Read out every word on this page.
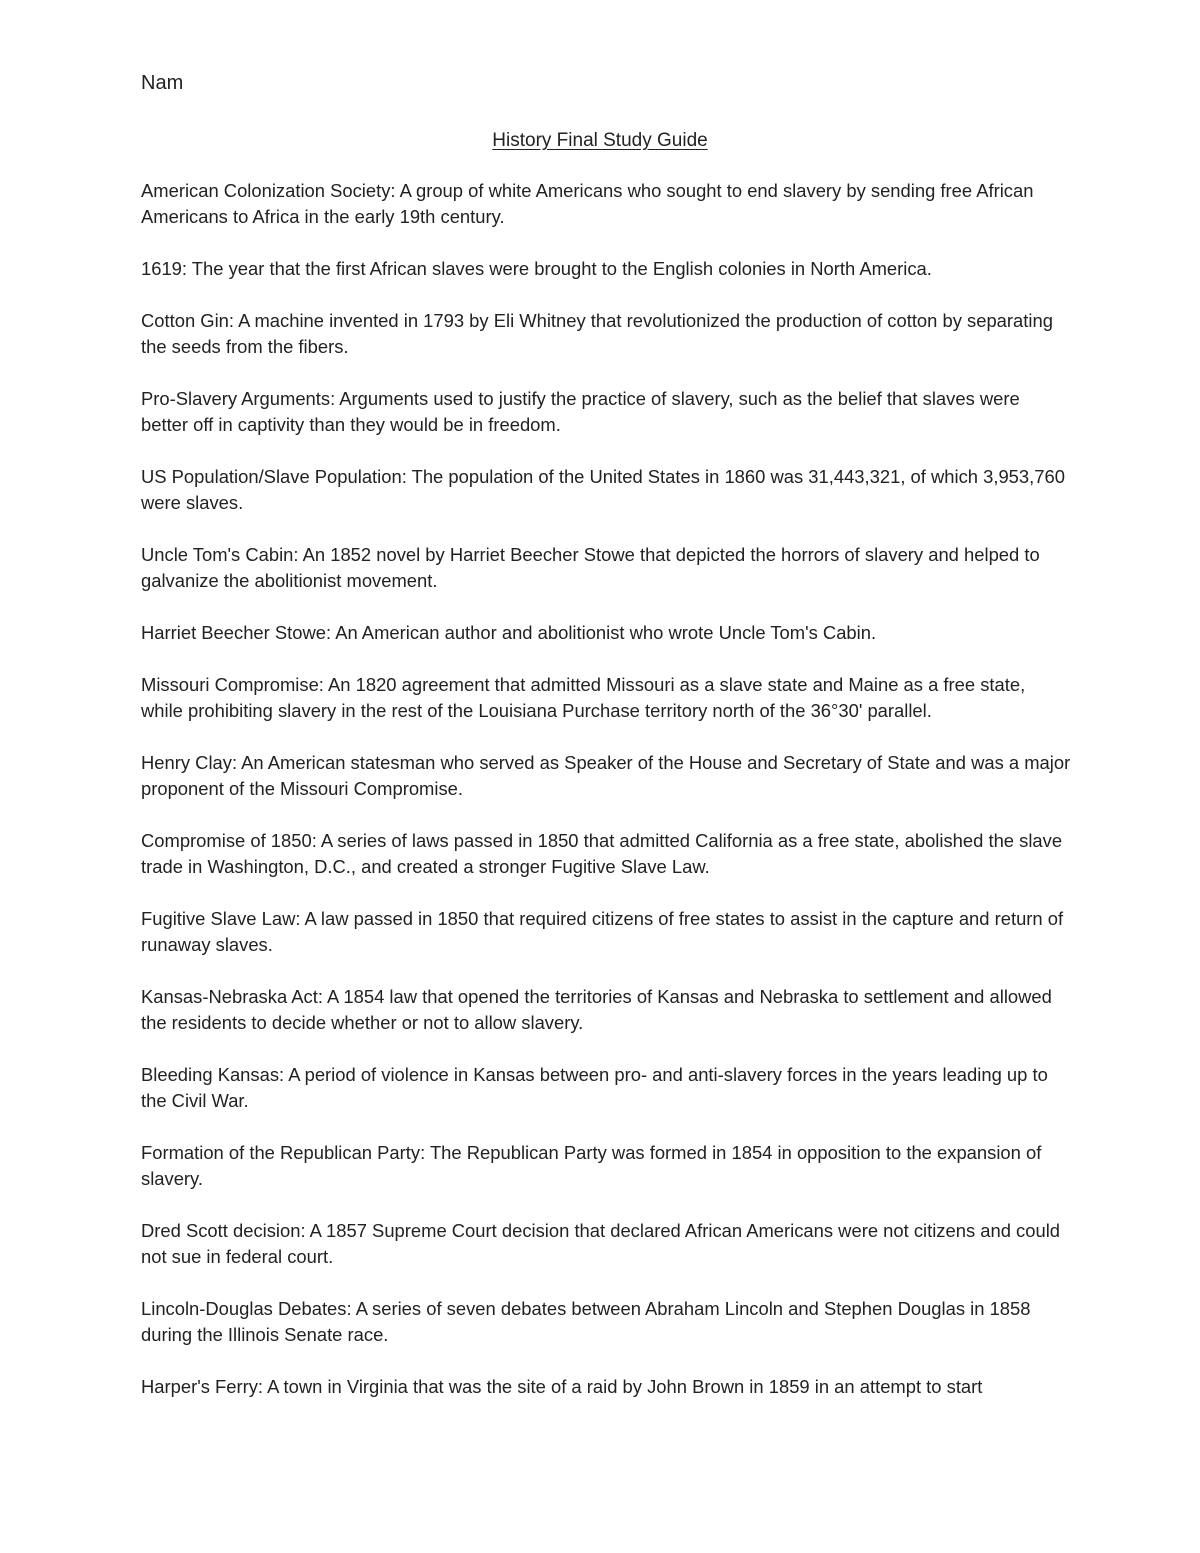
Nam
History Final Study Guide

American Colonization Society: A group of white Americans who sought to end slavery by sending free African Americans to Africa in the early 19th century.

1619: The year that the first African slaves were brought to the English colonies in North America.

Cotton Gin: A machine invented in 1793 by Eli Whitney that revolutionized the production of cotton by separating the seeds from the fibers.

Pro-Slavery Arguments: Arguments used to justify the practice of slavery, such as the belief that slaves were better off in captivity than they would be in freedom.

US Population/Slave Population: The population of the United States in 1860 was 31,443,321, of which 3,953,760 were slaves.

Uncle Tom's Cabin: An 1852 novel by Harriet Beecher Stowe that depicted the horrors of slavery and helped to galvanize the abolitionist movement.

Harriet Beecher Stowe: An American author and abolitionist who wrote Uncle Tom's Cabin.

Missouri Compromise: An 1820 agreement that admitted Missouri as a slave state and Maine as a free state, while prohibiting slavery in the rest of the Louisiana Purchase territory north of the 36°30' parallel.

Henry Clay: An American statesman who served as Speaker of the House and Secretary of State and was a major proponent of the Missouri Compromise.

Compromise of 1850: A series of laws passed in 1850 that admitted California as a free state, abolished the slave trade in Washington, D.C., and created a stronger Fugitive Slave Law.

Fugitive Slave Law: A law passed in 1850 that required citizens of free states to assist in the capture and return of runaway slaves.

Kansas-Nebraska Act: A 1854 law that opened the territories of Kansas and Nebraska to settlement and allowed the residents to decide whether or not to allow slavery.

Bleeding Kansas: A period of violence in Kansas between pro- and anti-slavery forces in the years leading up to the Civil War.

Formation of the Republican Party: The Republican Party was formed in 1854 in opposition to the expansion of slavery.

Dred Scott decision: A 1857 Supreme Court decision that declared African Americans were not citizens and could not sue in federal court.

Lincoln-Douglas Debates: A series of seven debates between Abraham Lincoln and Stephen Douglas in 1858 during the Illinois Senate race.

Harper's Ferry: A town in Virginia that was the site of a raid by John Brown in 1859 in an attempt to start
